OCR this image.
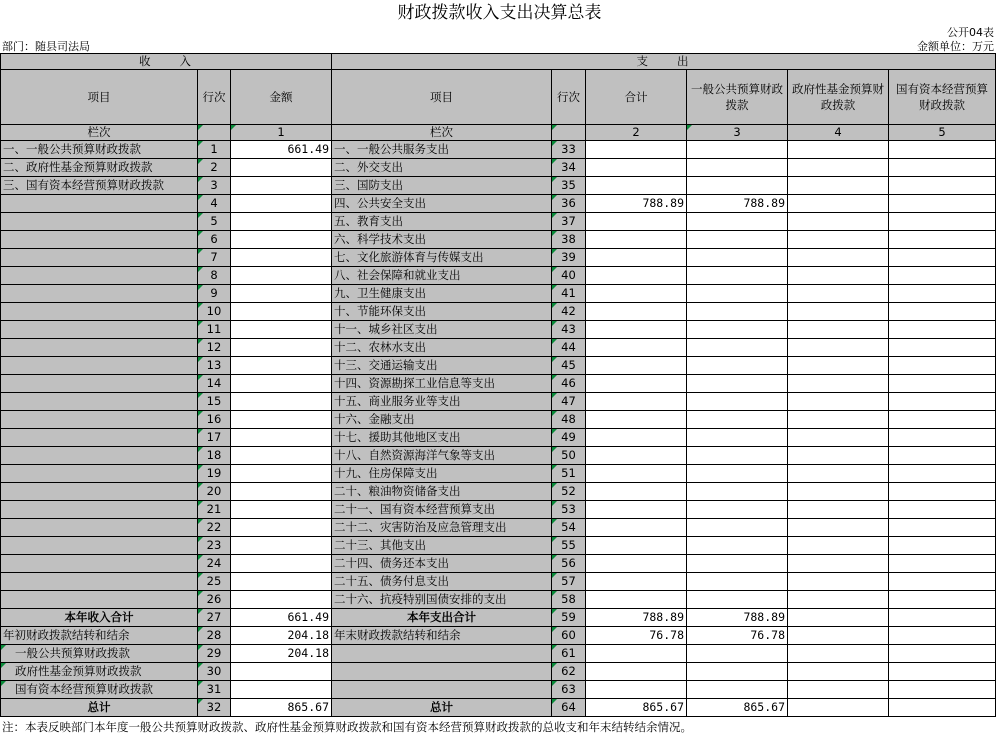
财政拨款收入支出决算总表
公开04表
部门：随县司法局	金额单位：万元
收　　入			支　　出					
项目	行次	金额	项目	行次	合计	一般公共预算财政拨款	政府性基金预算财政拨款	国有资本经营预算财政拨款
栏次		1	栏次		2	3	4	5
一、一般公共预算财政拨款	1	661.49	一、一般公共服务支出	33				
二、政府性基金预算财政拨款	2		二、外交支出	34				
三、国有资本经营预算财政拨款	3		三、国防支出	35				
	4		四、公共安全支出	36	788.89	788.89		
	5		五、教育支出	37				
	6		六、科学技术支出	38				
	7		七、文化旅游体育与传媒支出	39				
	8		八、社会保障和就业支出	40				
	9		九、卫生健康支出	41				
	10		十、节能环保支出	42				
	11		十一、城乡社区支出	43				
	12		十二、农林水支出	44				
	13		十三、交通运输支出	45				
	14		十四、资源勘探工业信息等支出	46				
	15		十五、商业服务业等支出	47				
	16		十六、金融支出	48				
	17		十七、援助其他地区支出	49				
	18		十八、自然资源海洋气象等支出	50				
	19		十九、住房保障支出	51				
	20		二十、粮油物资储备支出	52				
	21		二十一、国有资本经营预算支出	53				
	22		二十二、灾害防治及应急管理支出	54				
	23		二十三、其他支出	55				
	24		二十四、债务还本支出	56				
	25		二十五、债务付息支出	57				
	26		二十六、抗疫特别国债安排的支出	58				
本年收入合计	27	661.49	本年支出合计	59	788.89	788.89		
年初财政拨款结转和结余	28	204.18	年末财政拨款结转和结余	60	76.78	76.78		
一般公共预算财政拨款	29	204.18		61				
政府性基金预算财政拨款	30			62				
国有资本经营预算财政拨款	31			63				
总计	32	865.67	总计	64	865.67	865.67		
注：本表反映部门本年度一般公共预算财政拨款、政府性基金预算财政拨款和国有资本经营预算财政拨款的总收支和年末结转结余情况。
